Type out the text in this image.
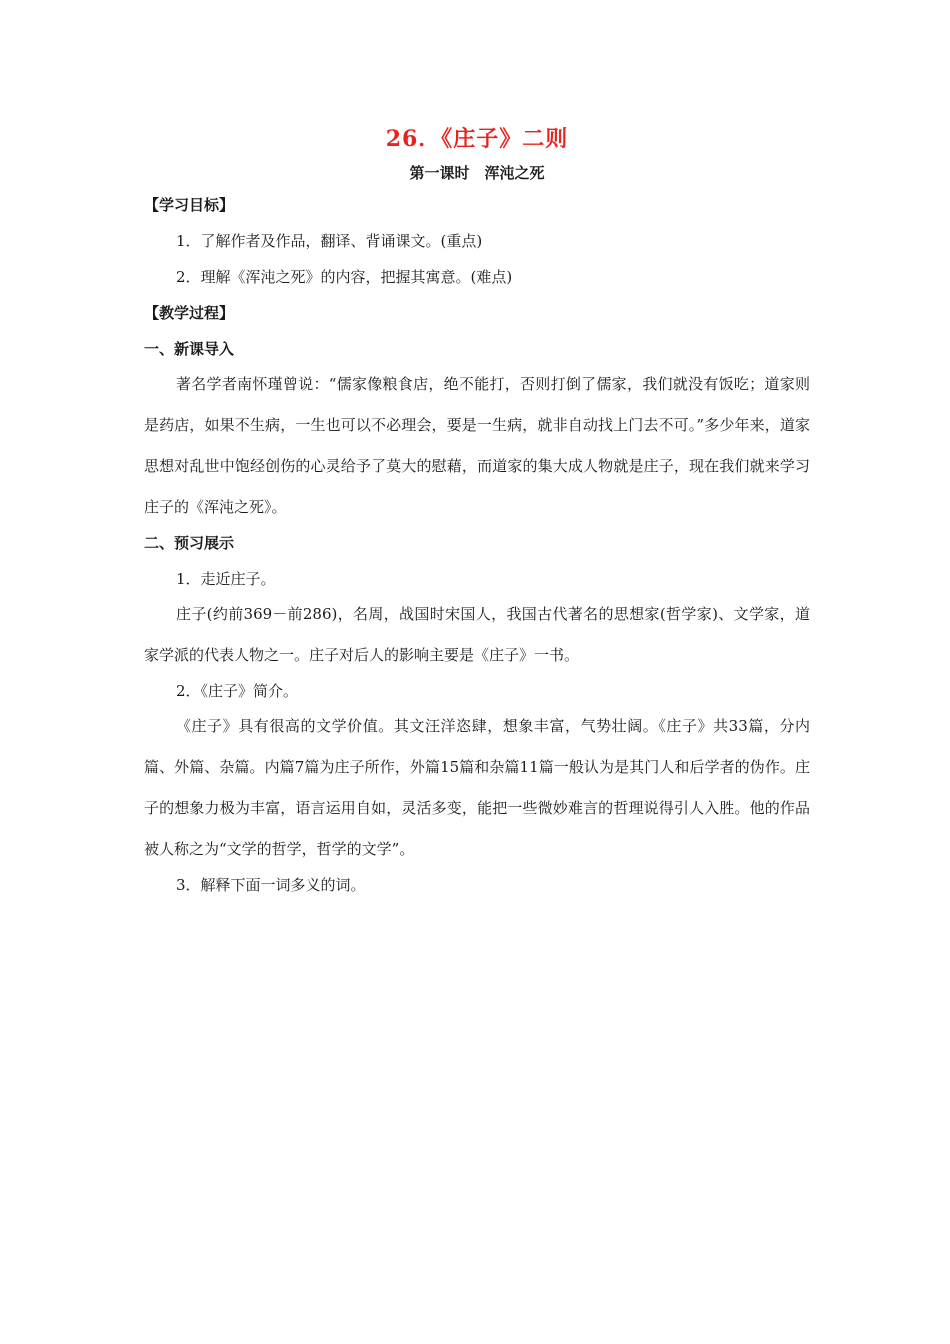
26．《庄子》二则
第一课时　浑沌之死

【学习目标】

1．了解作者及作品，翻译、背诵课文。(重点)

2．理解《浑沌之死》的内容，把握其寓意。(难点)

【教学过程】

一、新课导入

著名学者南怀瑾曾说：“儒家像粮食店，绝不能打，否则打倒了儒家，我们就没有饭吃；道家则是药店，如果不生病，一生也可以不必理会，要是一生病，就非自动找上门去不可。”多少年来，道家思想对乱世中饱经创伤的心灵给予了莫大的慰藉，而道家的集大成人物就是庄子，现在我们就来学习庄子的《浑沌之死》。

二、预习展示

1．走近庄子。

庄子(约前369－前286)，名周，战国时宋国人，我国古代著名的思想家(哲学家)、文学家，道家学派的代表人物之一。庄子对后人的影响主要是《庄子》一书。

2．《庄子》简介。

《庄子》具有很高的文学价值。其文汪洋恣肆，想象丰富，气势壮阔。《庄子》共33篇，分内篇、外篇、杂篇。内篇7篇为庄子所作，外篇15篇和杂篇11篇一般认为是其门人和后学者的伪作。庄子的想象力极为丰富，语言运用自如，灵活多变，能把一些微妙难言的哲理说得引人入胜。他的作品被人称之为“文学的哲学，哲学的文学”。

3．解释下面一词多义的词。
